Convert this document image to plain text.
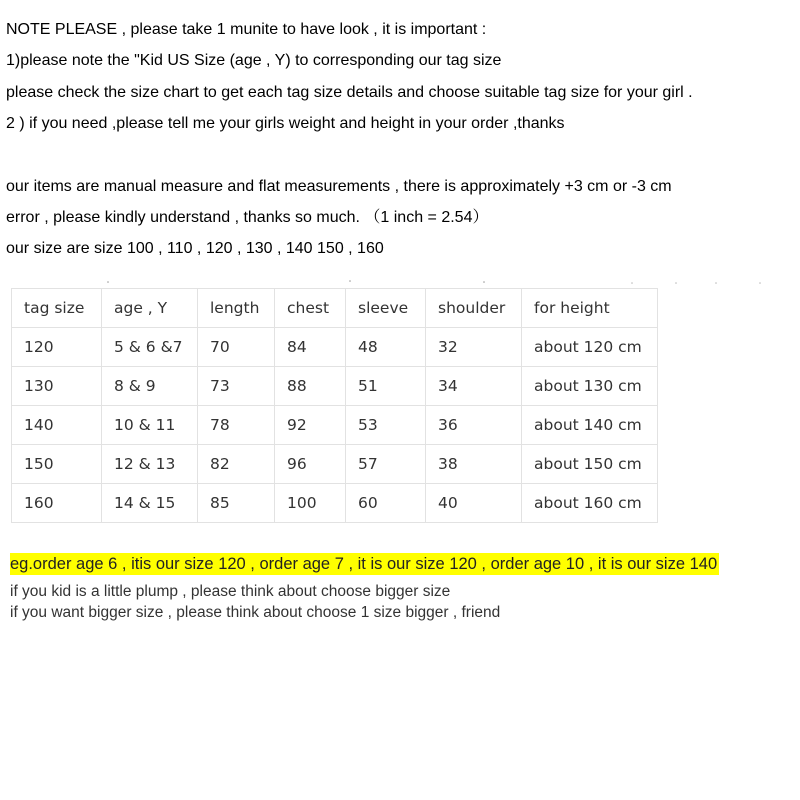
NOTE PLEASE , please take 1 munite to have look , it is important :
1)please note the "Kid US Size (age , Y) to corresponding our tag size
please check the size chart to get each tag size details and choose suitable tag size for your girl .
2 ) if you need ,please tell me your girls weight and height in your order ,thanks
our items are manual measure and flat measurements , there is approximately +3 cm or -3 cm
error , please kindly understand , thanks so much. （1 inch = 2.54）
our size are size 100 , 110 , 120 , 130 , 140 150 , 160
tag size	age , Y	length	chest	sleeve	shoulder	for height
120	5 & 6 &7	70	84	48	32	about 120 cm
130	8 & 9	73	88	51	34	about 130 cm
140	10 & 11	78	92	53	36	about 140 cm
150	12 & 13	82	96	57	38	about 150 cm
160	14 & 15	85	100	60	40	about 160 cm
eg.order age 6 , itis our size 120 , order age 7 , it is our size 120 , order age 10 , it is our size 140
if you kid is a little plump , please think about choose bigger size
if you want bigger size , please think about choose 1 size bigger , friend
